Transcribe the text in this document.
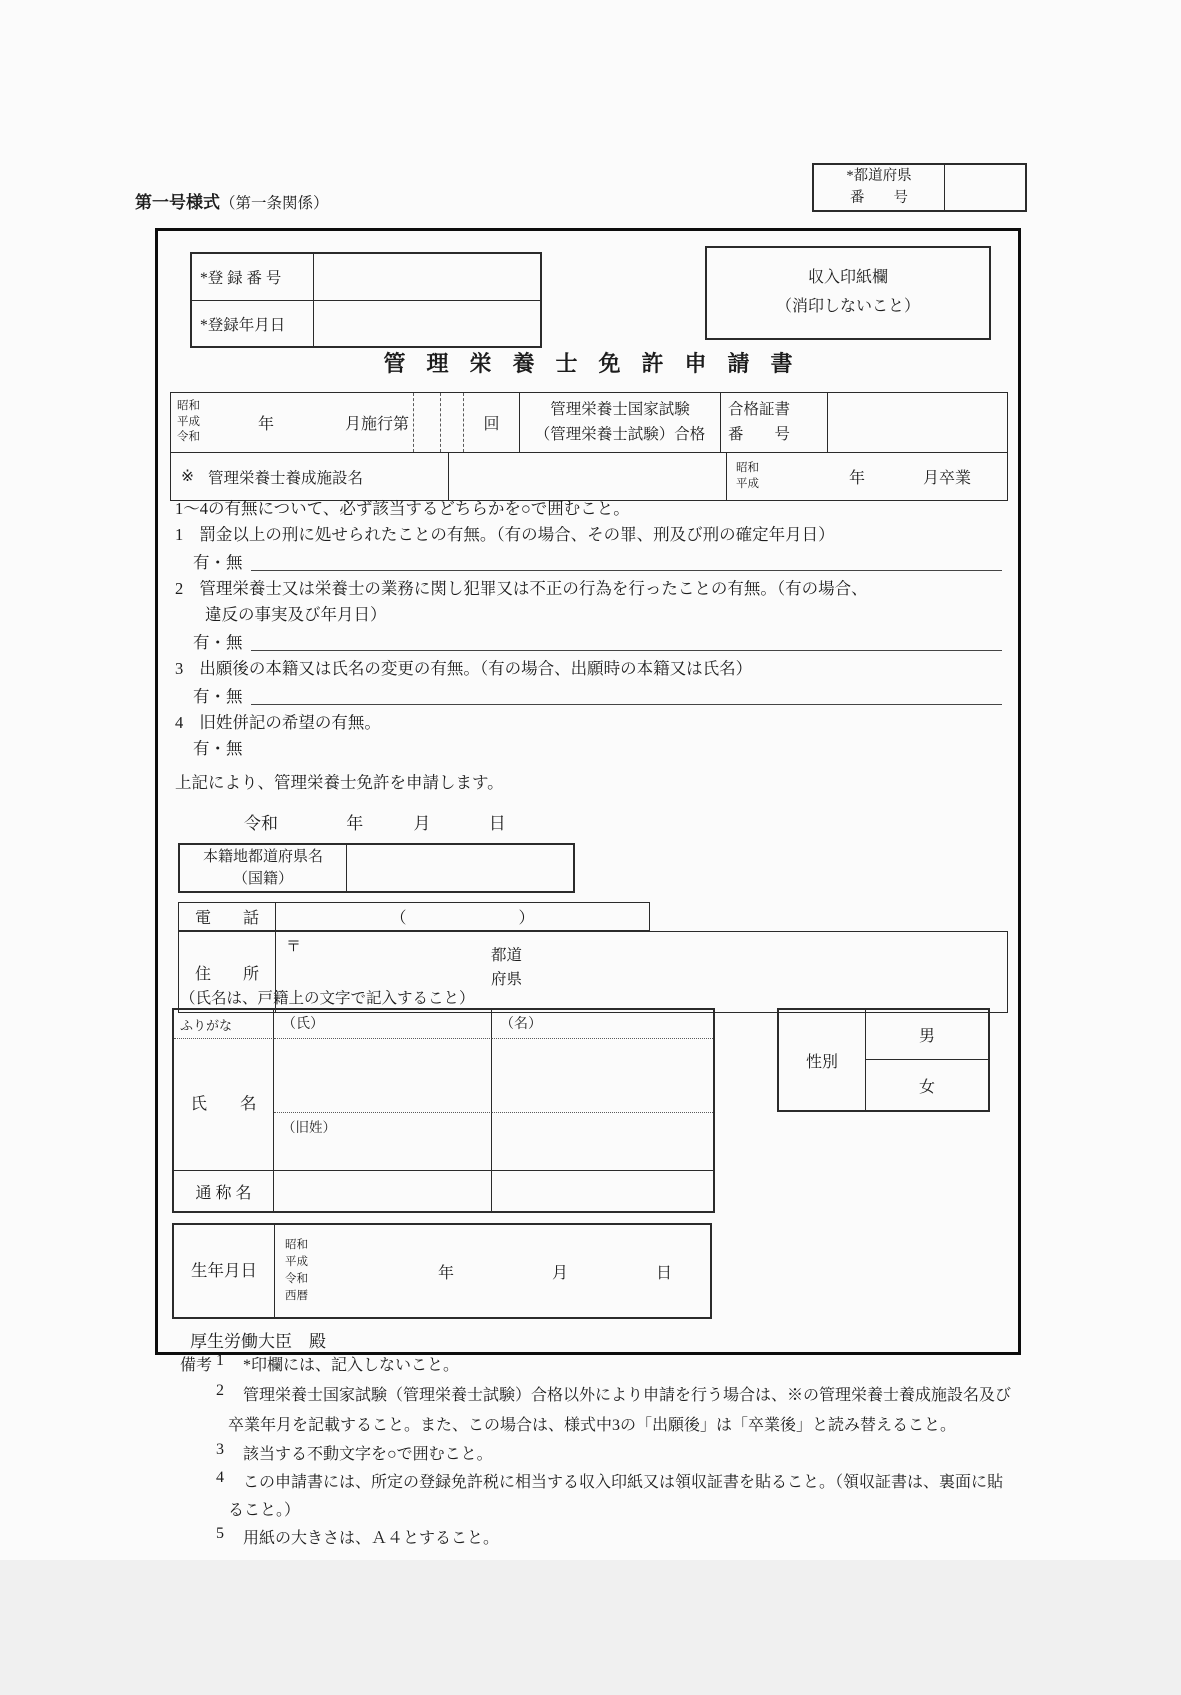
第一号様式（第一条関係）
*都道府県
番　　号
*登 録 番 号
*登録年月日
収入印紙欄
（消印しないこと）
管理栄養士免許申請書
昭和
平成
令和
年	月施行第	回
管理栄養士国家試験
（管理栄養士試験）合格
合格証書
番　　号
※ 管理栄養士養成施設名
昭和
平成	年	月卒業
1～4の有無について、必ず該当するどちらかを○で囲むこと。
1 罰金以上の刑に処せられたことの有無。（有の場合、その罪、刑及び刑の確定年月日）
有・無
2 管理栄養士又は栄養士の業務に関し犯罪又は不正の行為を行ったことの有無。（有の場合、
違反の事実及び年月日）
有・無
3 出願後の本籍又は氏名の変更の有無。（有の場合、出願時の本籍又は氏名）
有・無
4 旧姓併記の希望の有無。
有・無
上記により、管理栄養士免許を申請します。
令和	年	月	日
本籍地都道府県名
（国籍）
電　　話	（　　　　　　　）
住　　所
〒	都道
府県
（氏名は、戸籍上の文字で記入すること）
ふりがな	（氏）	（名）
氏　　名
（旧姓）
通 称 名
性別
男
女
生年月日
昭和
平成
令和
西暦
年	月	日
厚生労働大臣　殿
備考 1 *印欄には、記入しないこと。
2 管理栄養士国家試験（管理栄養士試験）合格以外により申請を行う場合は、※の管理栄養士養成施設名及び
卒業年月を記載すること。また、この場合は、様式中3の「出願後」は「卒業後」と読み替えること。
3 該当する不動文字を○で囲むこと。
4 この申請書には、所定の登録免許税に相当する収入印紙又は領収証書を貼ること。（領収証書は、裏面に貼
ること。）
5 用紙の大きさは、Ａ４とすること。
